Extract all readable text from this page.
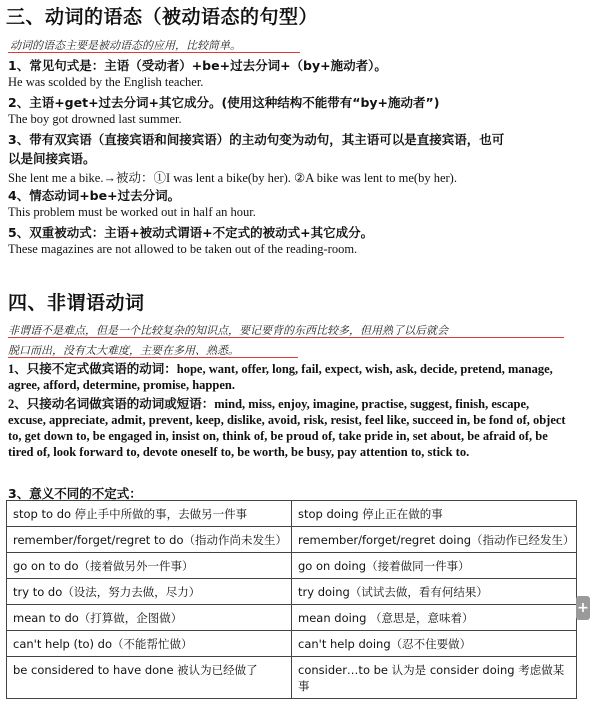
三、动词的语态（被动语态的句型）
动词的语态主要是被动语态的应用，比较简单。
1、常见句式是：主语（受动者）+be+过去分词+（by+施动者）。
He was scolded by the English teacher.
2、主语+get+过去分词+其它成分。(使用这种结构不能带有“by+施动者”)
The boy got drowned last summer.
3、带有双宾语（直接宾语和间接宾语）的主动句变为动句，其主语可以是直接宾语，也可
以是间接宾语。
She lent me a bike.→被动：①I was lent a bike(by her). ②A bike was lent to me(by her).
4、情态动词+be+过去分词。
This problem must be worked out in half an hour.
5、双重被动式：主语+被动式谓语+不定式的被动式+其它成分。
These magazines are not allowed to be taken out of the reading-room.
四、非谓语动词
非谓语不是难点，但是一个比较复杂的知识点，要记要背的东西比较多，但用熟了以后就会
脱口而出，没有太大难度，主要在多用、熟悉。
1、只接不定式做宾语的动词：hope, want, offer, long, fail, expect, wish, ask, decide, pretend, manage, agree, afford, determine, promise, happen.
2、只接动名词做宾语的动词或短语：mind, miss, enjoy, imagine, practise, suggest, finish, escape, excuse, appreciate, admit, prevent, keep, dislike, avoid, risk, resist, feel like, succeed in, be fond of, object to, get down to, be engaged in, insist on, think of, be proud of, take pride in, set about, be afraid of, be tired of, look forward to, devote oneself to, be worth, be busy, pay attention to, stick to.
3、意义不同的不定式：
stop to do 停止手中所做的事，去做另一件事	stop doing 停止正在做的事
remember/forget/regret to do（指动作尚未发生）	remember/forget/regret doing（指动作已经发生）
go on to do（接着做另外一件事）	go on doing（接着做同一件事）
try to do（设法，努力去做，尽力）	try doing（试试去做，看有何结果）
mean to do（打算做，企图做）	mean doing （意思是，意味着）
can't help (to) do（不能帮忙做）	can't help doing（忍不住要做）
be considered to have done 被认为已经做了	consider…to be 认为是 consider doing 考虑做某事
+
